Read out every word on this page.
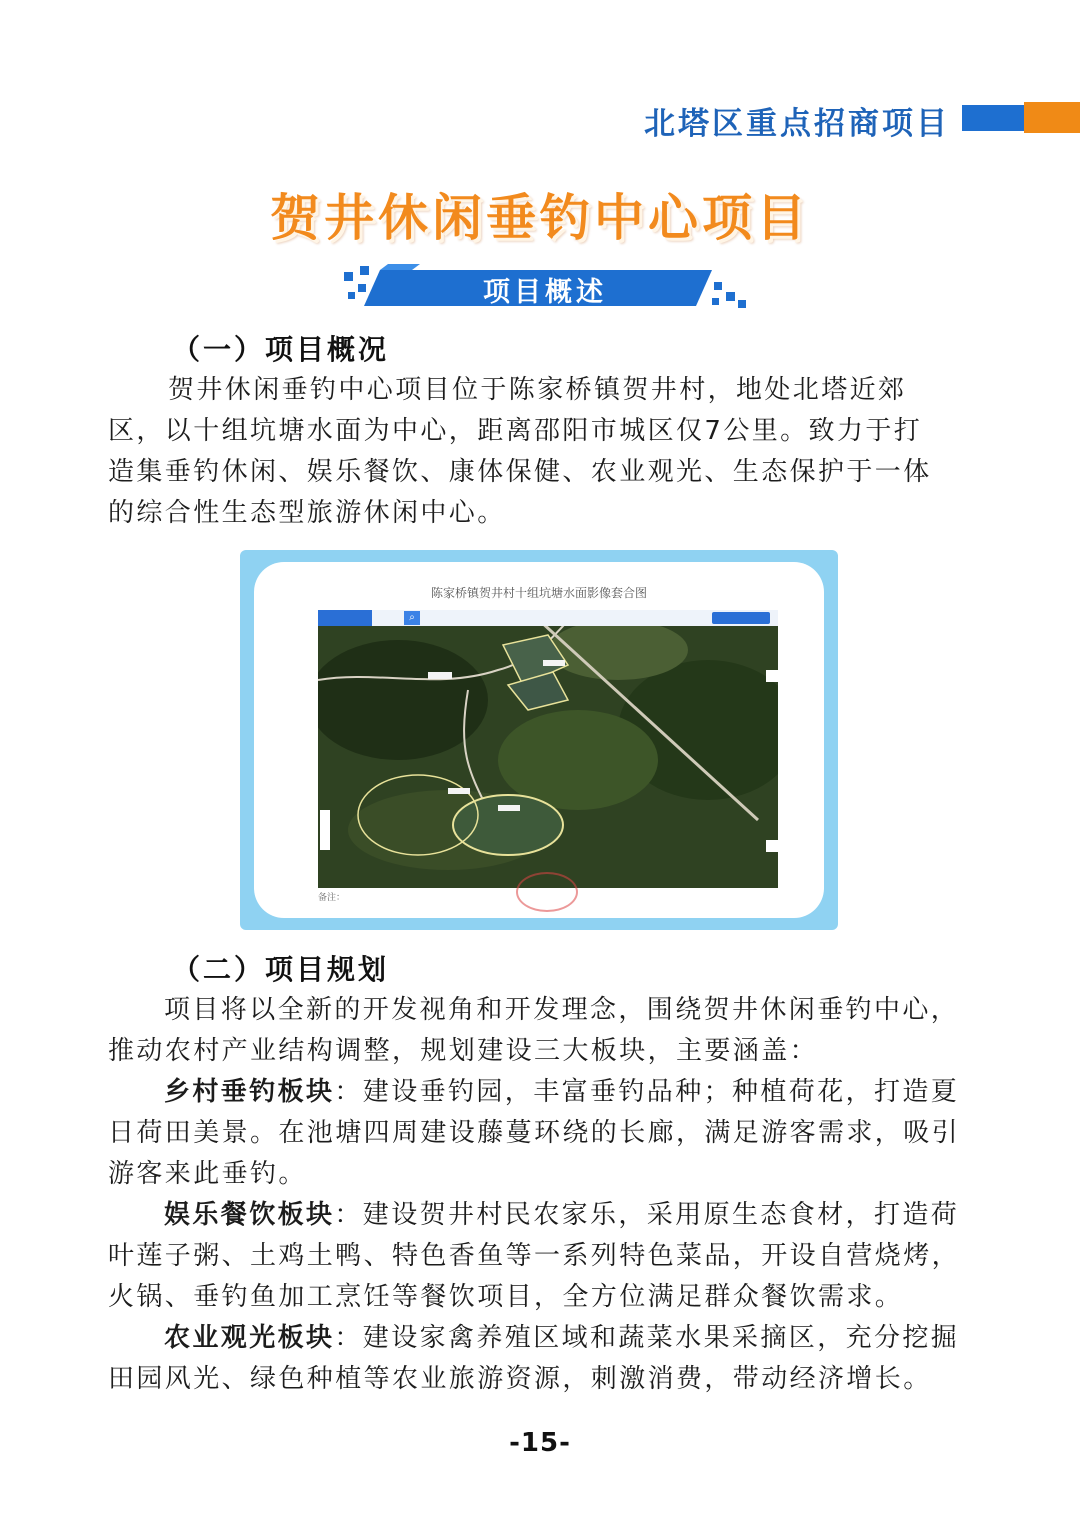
北塔区重点招商项目
贺井休闲垂钓中心项目
项目概述
（一）项目概况
贺井休闲垂钓中心项目位于陈家桥镇贺井村，地处北塔近郊
区，以十组坑塘水面为中心，距离邵阳市城区仅7公里。致力于打
造集垂钓休闲、娱乐餐饮、康体保健、农业观光、生态保护于一体
的综合性生态型旅游休闲中心。
陈家桥镇贺井村十组坑塘水面影像套合图
⌕
备注：
（二）项目规划
项目将以全新的开发视角和开发理念，围绕贺井休闲垂钓中心，
推动农村产业结构调整，规划建设三大板块，主要涵盖：
乡村垂钓板块：建设垂钓园，丰富垂钓品种；种植荷花，打造夏
日荷田美景。在池塘四周建设藤蔓环绕的长廊，满足游客需求，吸引
游客来此垂钓。
娱乐餐饮板块：建设贺井村民农家乐，采用原生态食材，打造荷
叶莲子粥、土鸡土鸭、特色香鱼等一系列特色菜品，开设自营烧烤，
火锅、垂钓鱼加工烹饪等餐饮项目，全方位满足群众餐饮需求。
农业观光板块：建设家禽养殖区域和蔬菜水果采摘区，充分挖掘
田园风光、绿色种植等农业旅游资源，刺激消费，带动经济增长。
-15-
